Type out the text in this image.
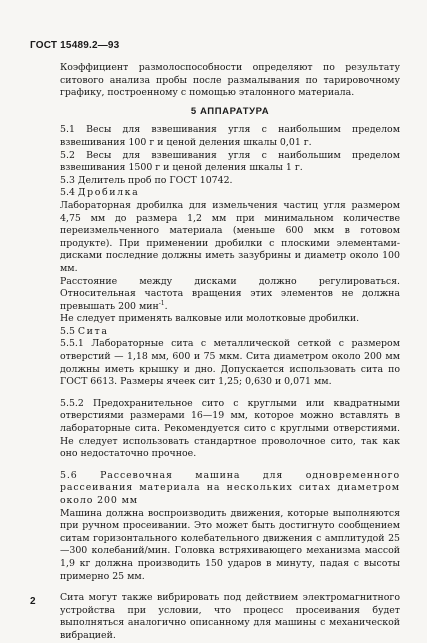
ГОСТ 15489.2—93

Коэффициент размолоспособности определяют по результату ситового анализа пробы после размалывания по тарировочному графику, построенному с помощью эталонного материала.

5 АППАРАТУРА

5.1 Весы для взвешивания угля с наибольшим пределом взвешивания 100 г и ценой деления шкалы 0,01 г.

5.2 Весы для взвешивания угля с наибольшим пределом взвешивания 1500 г и ценой деления шкалы 1 г.

5.3 Делитель проб по ГОСТ 10742.

5.4 Дробилка

Лабораторная дробилка для измельчения частиц угля размером 4,75 мм до размера 1,2 мм при минимальном количестве переизмельченного материала (меньше 600 мкм в готовом продукте). При применении дробилки с плоскими элементами-дисками последние должны иметь зазубрины и диаметр около 100 мм.

Расстояние между дисками должно регулироваться. Относительная частота вращения этих элементов не должна превышать 200 мин$^{-1}$.

Не следует применять валковые или молотковые дробилки.

5.5 Сита

5.5.1 Лабораторные сита с металлической сеткой с размером отверстий — 1,18 мм, 600 и 75 мкм. Сита диаметром около 200 мм должны иметь крышку и дно. Допускается использовать сита по ГОСТ 6613. Размеры ячеек сит 1,25; 0,630 и 0,071 мм.

5.5.2 Предохранительное сито с круглыми или квадратными отверстиями размерами 16—19 мм, которое можно вставлять в лабораторные сита. Рекомендуется сито с круглыми отверстиями. Не следует использовать стандартное проволочное сито, так как оно недостаточно прочное.

5.6 Рассевочная машина для одновременного рассеивания материала на нескольких ситах диаметром около 200 мм

Машина должна воспроизводить движения, которые выполняются при ручном просеивании. Это может быть достигнуто сообщением ситам горизонтального колебательного движения с амплитудой 25—300 колебаний/мин. Головка встряхивающего механизма массой 1,9 кг должна производить 150 ударов в минуту, падая с высоты примерно 25 мм.

Сита могут также вибрировать под действием электромагнитного устройства при условии, что процесс просеивания будет выполняться аналогично описанному для машины с механической вибрацией.

2
